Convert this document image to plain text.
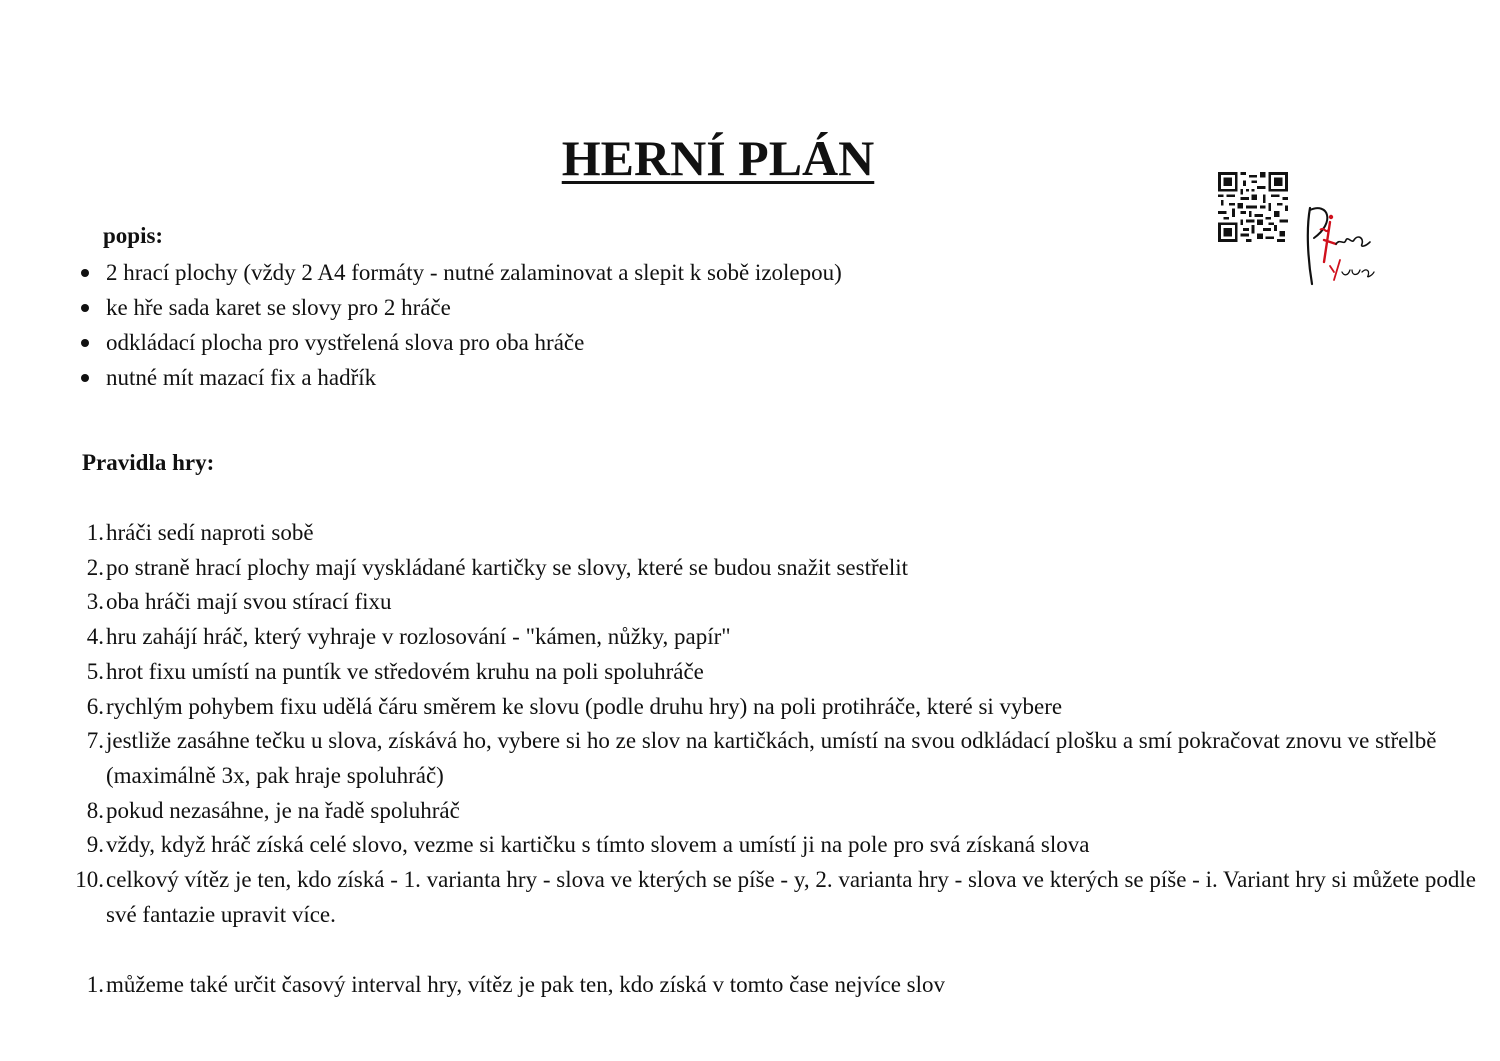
HERNÍ PLÁN
popis:
2 hrací plochy (vždy 2 A4 formáty - nutné zalaminovat a slepit k sobě izolepou)
ke hře sada karet se slovy pro 2 hráče
odkládací plocha pro vystřelená slova pro oba hráče
nutné mít mazací fix a hadřík
Pravidla hry:
1. hráči sedí naproti sobě
2. po straně hrací plochy mají vyskládané kartičky se slovy, které se budou snažit sestřelit
3. oba hráči mají svou stírací fixu
4. hru zahájí hráč, který vyhraje v rozlosování - "kámen, nůžky, papír"
5. hrot fixu umístí na puntík ve středovém kruhu na poli spoluhráče
6. rychlým pohybem fixu udělá čáru směrem ke slovu (podle druhu hry) na poli protihráče, které si vybere
7. jestliže zasáhne tečku u slova, získává ho, vybere si ho ze slov na kartičkách, umístí na svou odkládací plošku a smí pokračovat znovu ve střelbě (maximálně 3x, pak hraje spoluhráč)
8. pokud nezasáhne, je na řadě spoluhráč
9. vždy, když hráč získá celé slovo, vezme si kartičku s tímto slovem a umístí ji na pole pro svá získaná slova
10. celkový vítěz je ten, kdo získá - 1. varianta hry - slova ve kterých se píše - y, 2. varianta hry - slova ve kterých se píše - i. Variant hry si můžete podle své fantazie upravit více.
1. můžeme také určit časový interval hry, vítěz je pak ten, kdo získá v tomto čase nejvíce slov
